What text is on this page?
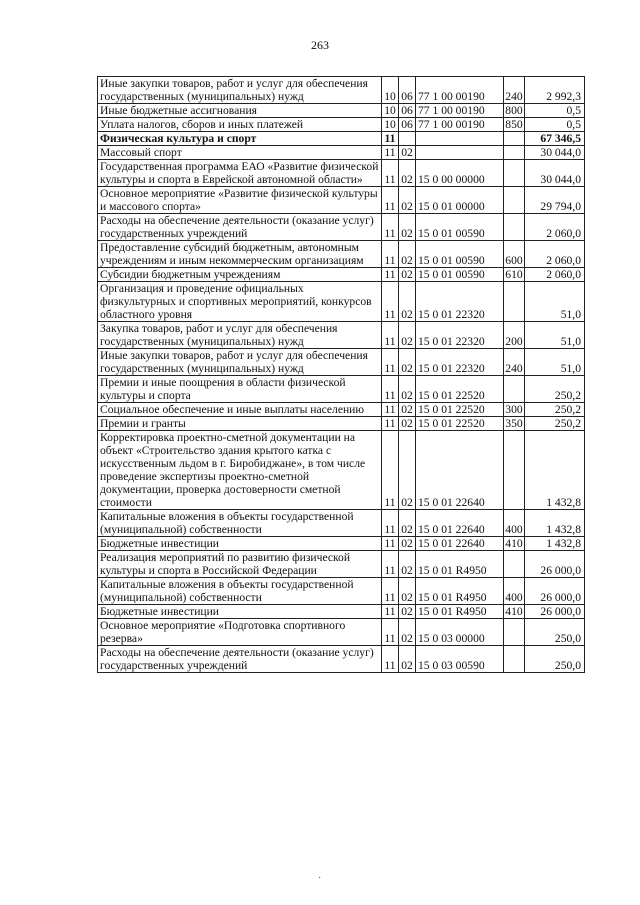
263
Иные закупки товаров, работ и услуг для обеспечения государственных (муниципальных) нужд	10	06	77 1 00 00190	240	2 992,3
Иные бюджетные ассигнования	10	06	77 1 00 00190	800	0,5
Уплата налогов, сборов и иных платежей	10	06	77 1 00 00190	850	0,5
Физическая культура и спорт	11				67 346,5
Массовый спорт	11	02			30 044,0
Государственная программа ЕАО «Развитие физической культуры и спорта в Еврейской автономной области»	11	02	15 0 00 00000		30 044,0
Основное мероприятие «Развитие физической культуры и массового спорта»	11	02	15 0 01 00000		29 794,0
Расходы на обеспечение деятельности (оказание услуг) государственных учреждений	11	02	15 0 01 00590		2 060,0
Предоставление субсидий бюджетным, автономным учреждениям и иным некоммерческим организациям	11	02	15 0 01 00590	600	2 060,0
Субсидии бюджетным учреждениям	11	02	15 0 01 00590	610	2 060,0
Организация и проведение официальных физкультурных и спортивных мероприятий, конкурсов областного уровня	11	02	15 0 01 22320		51,0
Закупка товаров, работ и услуг для обеспечения государственных (муниципальных) нужд	11	02	15 0 01 22320	200	51,0
Иные закупки товаров, работ и услуг для обеспечения государственных (муниципальных) нужд	11	02	15 0 01 22320	240	51,0
Премии и иные поощрения в области физической культуры и спорта	11	02	15 0 01 22520		250,2
Социальное обеспечение и иные выплаты населению	11	02	15 0 01 22520	300	250,2
Премии и гранты	11	02	15 0 01 22520	350	250,2
Корректировка проектно-сметной документации на объект «Строительство здания крытого катка с искусственным льдом в г. Биробиджане», в том числе проведение экспертизы проектно-сметной документации, проверка достоверности сметной стоимости	11	02	15 0 01 22640		1 432,8
Капитальные вложения в объекты государственной (муниципальной) собственности	11	02	15 0 01 22640	400	1 432,8
Бюджетные инвестиции	11	02	15 0 01 22640	410	1 432,8
Реализация мероприятий по развитию физической культуры и спорта в Российской Федерации	11	02	15 0 01 R4950		26 000,0
Капитальные вложения в объекты государственной (муниципальной) собственности	11	02	15 0 01 R4950	400	26 000,0
Бюджетные инвестиции	11	02	15 0 01 R4950	410	26 000,0
Основное мероприятие «Подготовка спортивного резерва»	11	02	15 0 03 00000		250,0
Расходы на обеспечение деятельности (оказание услуг) государственных учреждений	11	02	15 0 03 00590		250,0
·
